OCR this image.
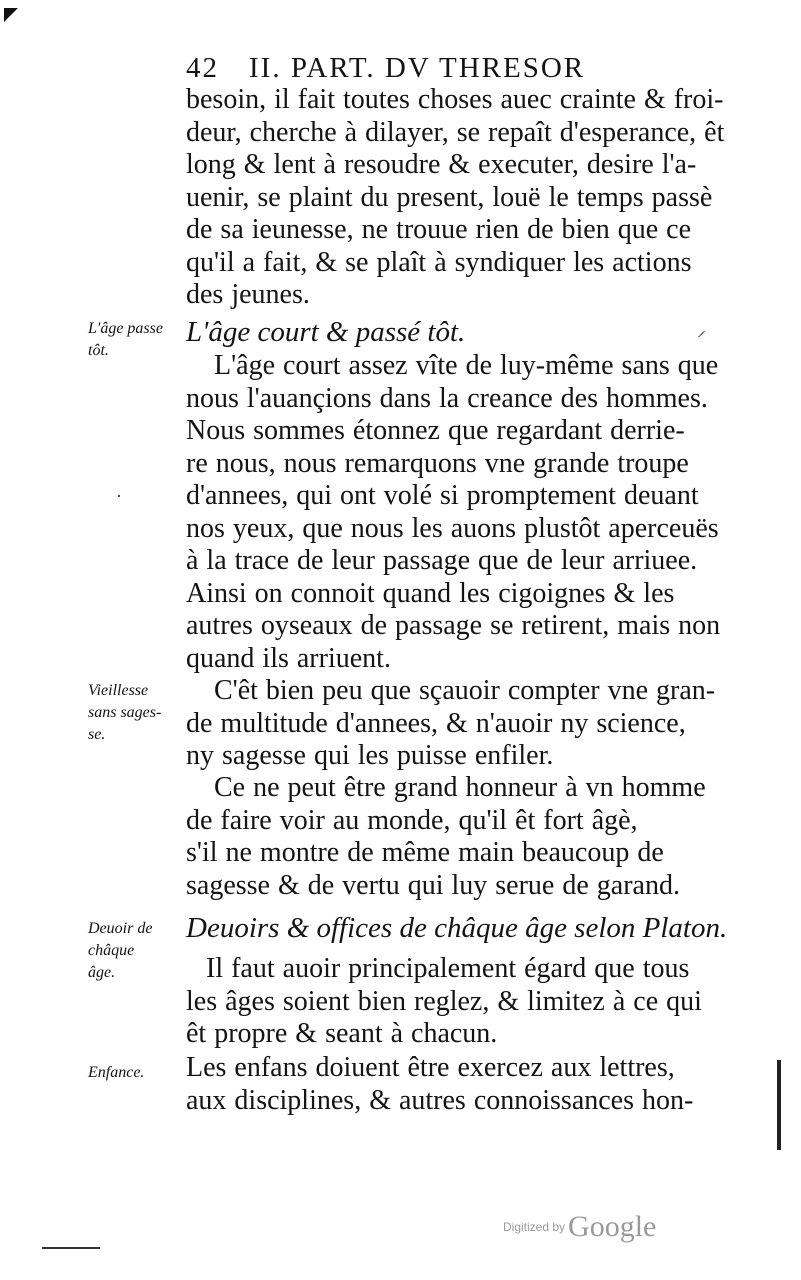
42 II. PART. DV THRESOR
besoin, il fait toutes choses auec crainte & froi-
deur, cherche à dilayer, se repaît d'esperance, êt
long & lent à resoudre & executer, desire l'a-
uenir, se plaint du present, louë le temps passè
de sa ieunesse, ne trouue rien de bien que ce
qu'il a fait, & se plaît à syndiquer les actions
des jeunes.
L'âge passe
tôt.
L'âge court & passé tôt.
L'âge court assez vîte de luy-même sans que
nous l'auançions dans la creance des hommes.
Nous sommes étonnez que regardant derrie-
re nous, nous remarquons vne grande troupe
d'annees, qui ont volé si promptement deuant
nos yeux, que nous les auons plustôt aperceuës
à la trace de leur passage que de leur arriuee.
Ainsi on connoit quand les cigoignes & les
autres oyseaux de passage se retirent, mais non
quand ils arriuent.
Vieillesse
sans sages-
se.
C'êt bien peu que sçauoir compter vne gran-
de multitude d'annees, & n'auoir ny science,
ny sagesse qui les puisse enfiler.
Ce ne peut être grand honneur à vn homme
de faire voir au monde, qu'il êt fort âgè,
s'il ne montre de même main beaucoup de
sagesse & de vertu qui luy serue de garand.
Deuoir de
châque
âge.
Deuoirs & offices de châque âge selon Platon.
Il faut auoir principalement égard que tous
les âges soient bien reglez, & limitez à ce qui
êt propre & seant à chacun.
Enfance.	Les enfans doiuent être exercez aux lettres,
aux disciplines, & autres connoissances hon-
⸝
·
Digitized by Google
